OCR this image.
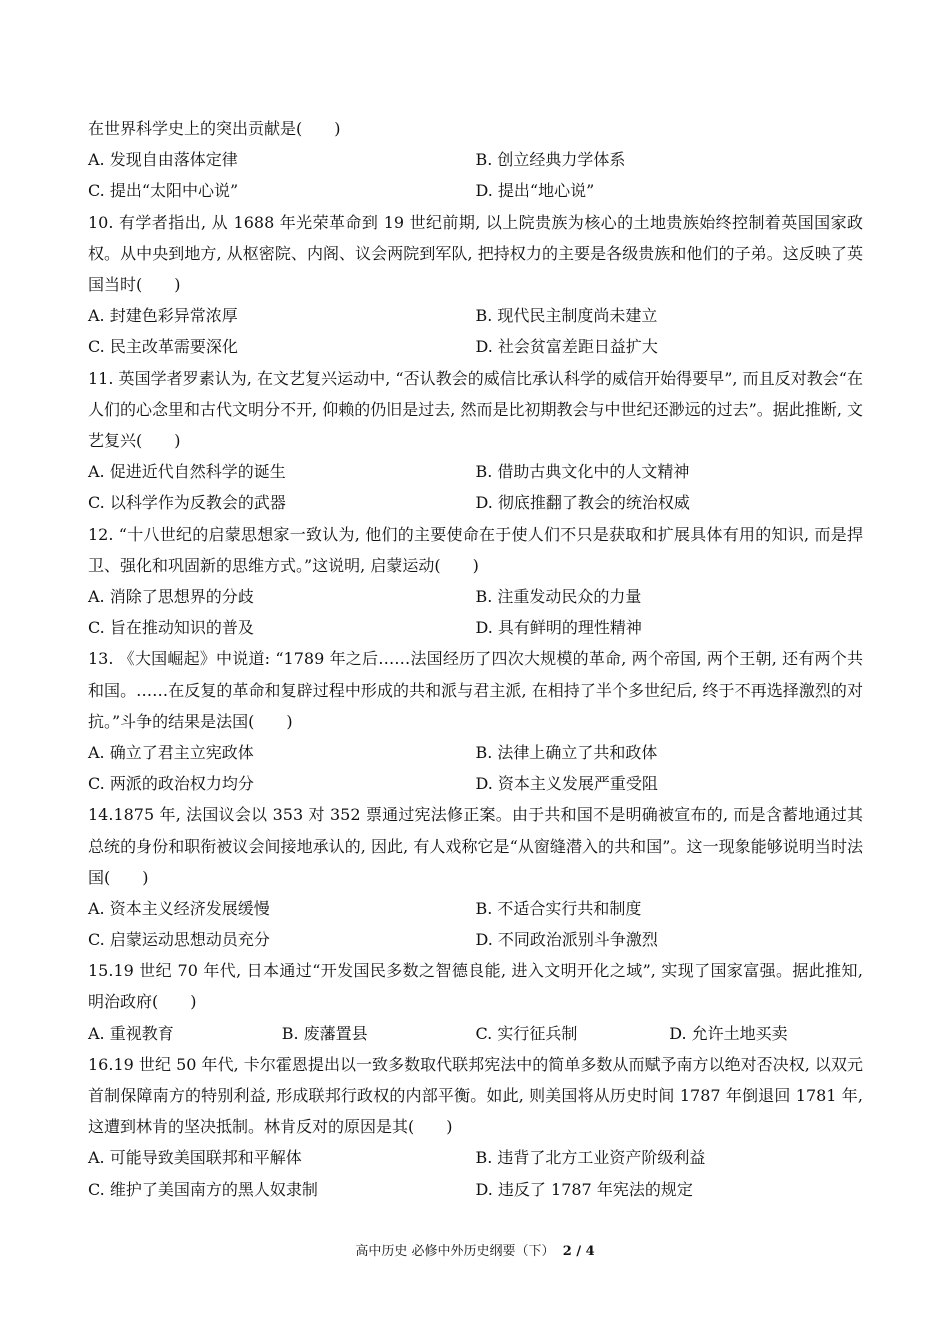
在世界科学史上的突出贡献是(　　)
A. 发现自由落体定律	B. 创立经典力学体系
C. 提出“太阳中心说”	D. 提出“地心说”
10. 有学者指出, 从 1688 年光荣革命到 19 世纪前期, 以上院贵族为核心的土地贵族始终控制着英国国家政权。从中央到地方, 从枢密院、内阁、议会两院到军队, 把持权力的主要是各级贵族和他们的子弟。这反映了英国当时(　　)
A. 封建色彩异常浓厚	B. 现代民主制度尚未建立
C. 民主改革需要深化	D. 社会贫富差距日益扩大
11. 英国学者罗素认为, 在文艺复兴运动中, “否认教会的威信比承认科学的威信开始得要早”, 而且反对教会“在人们的心念里和古代文明分不开, 仰赖的仍旧是过去, 然而是比初期教会与中世纪还渺远的过去”。据此推断, 文艺复兴(　　)
A. 促进近代自然科学的诞生	B. 借助古典文化中的人文精神
C. 以科学作为反教会的武器	D. 彻底推翻了教会的统治权威
12. “十八世纪的启蒙思想家一致认为, 他们的主要使命在于使人们不只是获取和扩展具体有用的知识, 而是捍卫、强化和巩固新的思维方式。”这说明, 启蒙运动(　　)
A. 消除了思想界的分歧	B. 注重发动民众的力量
C. 旨在推动知识的普及	D. 具有鲜明的理性精神
13. 《大国崛起》中说道: “1789 年之后……法国经历了四次大规模的革命, 两个帝国, 两个王朝, 还有两个共和国。……在反复的革命和复辟过程中形成的共和派与君主派, 在相持了半个多世纪后, 终于不再选择激烈的对抗。”斗争的结果是法国(　　)
A. 确立了君主立宪政体	B. 法律上确立了共和政体
C. 两派的政治权力均分	D. 资本主义发展严重受阻
14.1875 年, 法国议会以 353 对 352 票通过宪法修正案。由于共和国不是明确被宣布的, 而是含蓄地通过其总统的身份和职衔被议会间接地承认的, 因此, 有人戏称它是“从窗缝潜入的共和国”。这一现象能够说明当时法国(　　)
A. 资本主义经济发展缓慢	B. 不适合实行共和制度
C. 启蒙运动思想动员充分	D. 不同政治派别斗争激烈
15.19 世纪 70 年代, 日本通过“开发国民多数之智德良能, 进入文明开化之域”, 实现了国家富强。据此推知, 明治政府(　　)
A. 重视教育	B. 废藩置县	C. 实行征兵制	D. 允许土地买卖
16.19 世纪 50 年代, 卡尔霍恩提出以一致多数取代联邦宪法中的简单多数从而赋予南方以绝对否决权, 以双元首制保障南方的特别利益, 形成联邦行政权的内部平衡。如此, 则美国将从历史时间 1787 年倒退回 1781 年, 这遭到林肯的坚决抵制。林肯反对的原因是其(　　)
A. 可能导致美国联邦和平解体	B. 违背了北方工业资产阶级利益
C. 维护了美国南方的黑人奴隶制	D. 违反了 1787 年宪法的规定
高中历史 必修中外历史纲要（下） 2 / 4
